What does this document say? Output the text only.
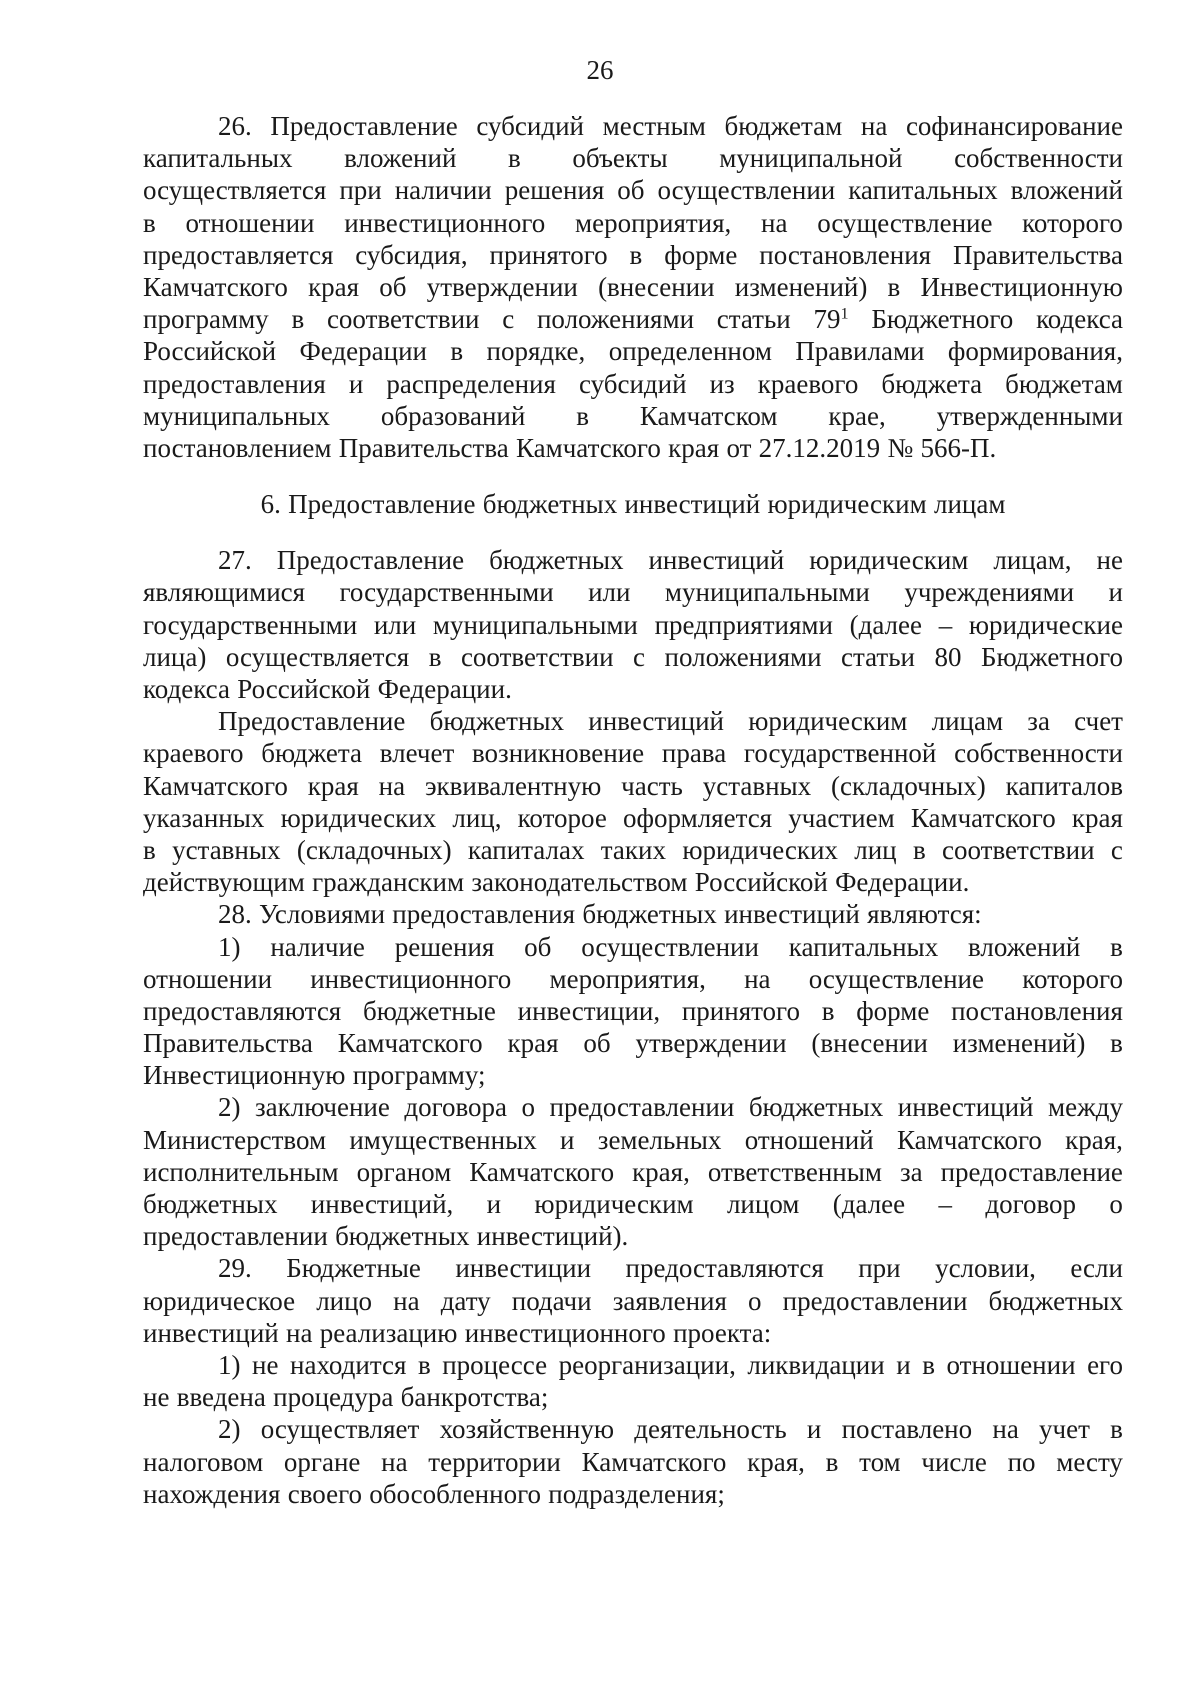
26
26. Предоставление субсидий местным бюджетам на софинансирование
капитальных вложений в объекты муниципальной собственности
осуществляется при наличии решения об осуществлении капитальных вложений
в отношении инвестиционного мероприятия, на осуществление которого
предоставляется субсидия, принятого в форме постановления Правительства
Камчатского края об утверждении (внесении изменений) в Инвестиционную
программу в соответствии с положениями статьи $79^1$ Бюджетного кодекса
Российской Федерации в порядке, определенном Правилами формирования,
предоставления и распределения субсидий из краевого бюджета бюджетам
муниципальных образований в Камчатском крае, утвержденными
постановлением Правительства Камчатского края от 27.12.2019 № 566-П.
6. Предоставление бюджетных инвестиций юридическим лицам
27. Предоставление бюджетных инвестиций юридическим лицам, не
являющимися государственными или муниципальными учреждениями и
государственными или муниципальными предприятиями (далее – юридические
лица) осуществляется в соответствии с положениями статьи 80 Бюджетного
кодекса Российской Федерации.
Предоставление бюджетных инвестиций юридическим лицам за счет
краевого бюджета влечет возникновение права государственной собственности
Камчатского края на эквивалентную часть уставных (складочных) капиталов
указанных юридических лиц, которое оформляется участием Камчатского края
в уставных (складочных) капиталах таких юридических лиц в соответствии с
действующим гражданским законодательством Российской Федерации.
28. Условиями предоставления бюджетных инвестиций являются:
1) наличие решения об осуществлении капитальных вложений в
отношении инвестиционного мероприятия, на осуществление которого
предоставляются бюджетные инвестиции, принятого в форме постановления
Правительства Камчатского края об утверждении (внесении изменений) в
Инвестиционную программу;
2) заключение договора о предоставлении бюджетных инвестиций между
Министерством имущественных и земельных отношений Камчатского края,
исполнительным органом Камчатского края, ответственным за предоставление
бюджетных инвестиций, и юридическим лицом (далее – договор о
предоставлении бюджетных инвестиций).
29. Бюджетные инвестиции предоставляются при условии, если
юридическое лицо на дату подачи заявления о предоставлении бюджетных
инвестиций на реализацию инвестиционного проекта:
1) не находится в процессе реорганизации, ликвидации и в отношении его
не введена процедура банкротства;
2) осуществляет хозяйственную деятельность и поставлено на учет в
налоговом органе на территории Камчатского края, в том числе по месту
нахождения своего обособленного подразделения;
